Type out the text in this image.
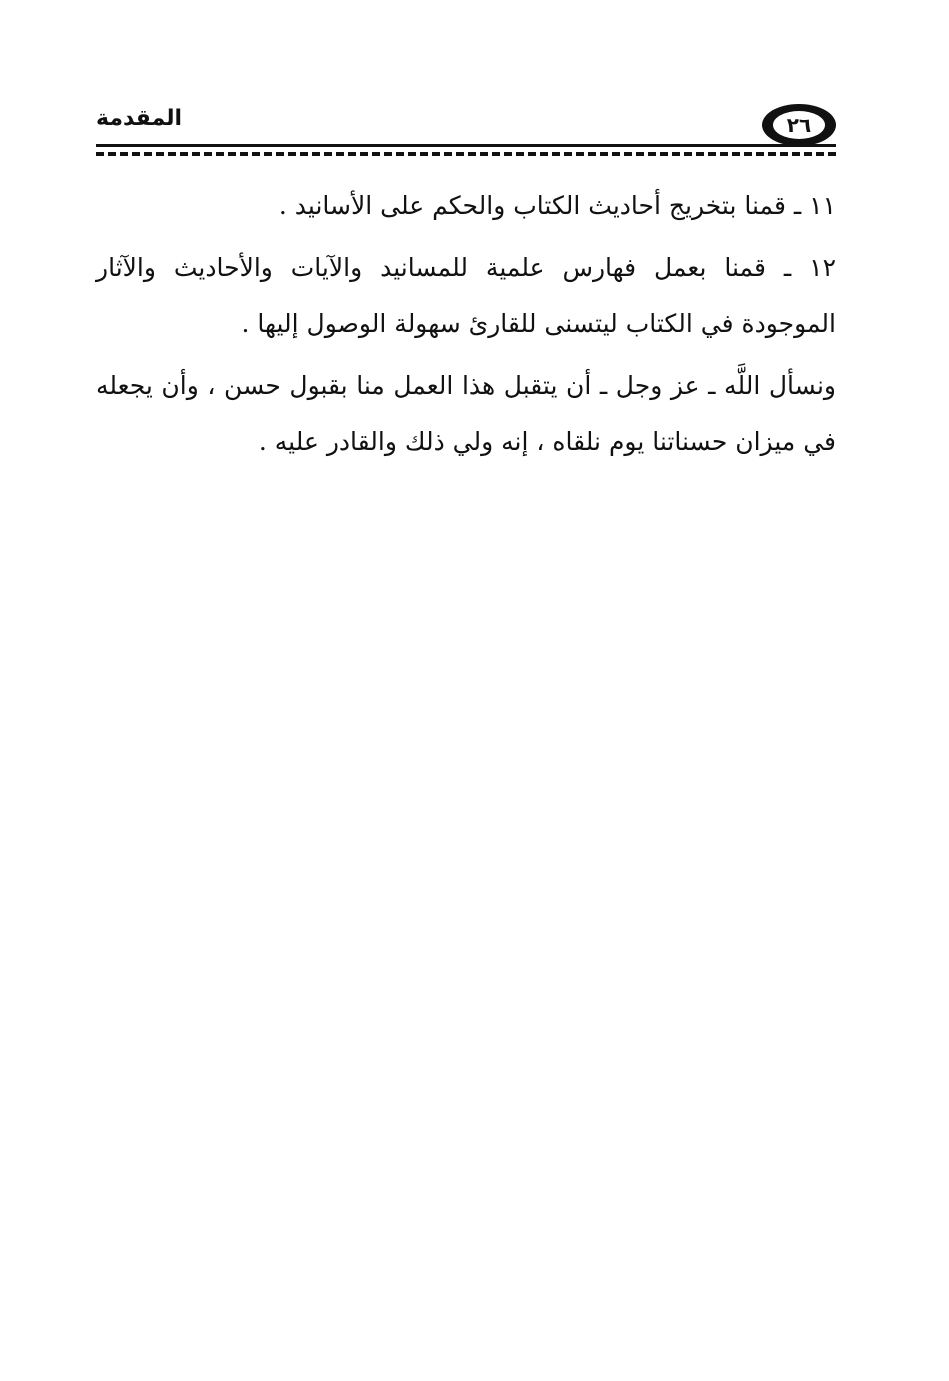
٢٦
المقدمة

١١ ـ قمنا بتخريج أحاديث الكتاب والحكم على الأسانيد .

١٢ ـ قمنا بعمل فهارس علمية للمسانيد والآيات والأحاديث والآثار الموجودة في الكتاب ليتسنى للقارئ سهولة الوصول إليها .

ونسأل اللَّه ـ عز وجل ـ أن يتقبل هذا العمل منا بقبول حسن ، وأن يجعله في ميزان حسناتنا يوم نلقاه ، إنه ولي ذلك والقادر عليه .
